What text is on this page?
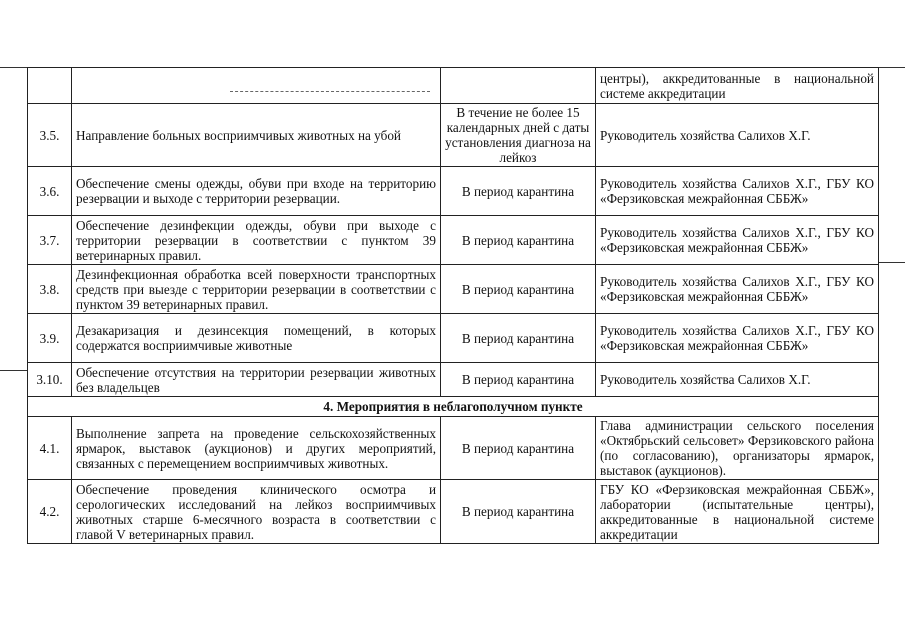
			центры), аккредитованные в национальной системе аккредитации
3.5.	Направление больных восприимчивых животных на убой	В течение не более 15 календарных дней с даты установления диагноза на лейкоз	Руководитель хозяйства Салихов Х.Г.
3.6.	Обеспечение смены одежды, обуви при входе на территорию резервации и выходе с территории резервации.	В период карантина	Руководитель хозяйства Салихов Х.Г., ГБУ КО «Ферзиковская межрайонная СББЖ»
3.7.	Обеспечение дезинфекции одежды, обуви при выходе с территории резервации в соответствии с пунктом 39 ветеринарных правил.	В период карантина	Руководитель хозяйства Салихов Х.Г., ГБУ КО «Ферзиковская межрайонная СББЖ»
3.8.	Дезинфекционная обработка всей поверхности транспортных средств при выезде с территории резервации в соответствии с пунктом 39 ветеринарных правил.	В период карантина	Руководитель хозяйства Салихов Х.Г., ГБУ КО «Ферзиковская межрайонная СББЖ»
3.9.	Дезакаризация и дезинсекция помещений, в которых содержатся восприимчивые животные	В период карантина	Руководитель хозяйства Салихов Х.Г., ГБУ КО «Ферзиковская межрайонная СББЖ»
3.10.	Обеспечение отсутствия на территории резервации животных без владельцев	В период карантина	Руководитель хозяйства Салихов Х.Г.
4. Мероприятия в неблагополучном пункте			
4.1.	Выполнение запрета на проведение сельскохозяйственных ярмарок, выставок (аукционов) и других мероприятий, связанных с перемещением восприимчивых животных.	В период карантина	Глава администрации сельского поселения «Октябрьский сельсовет» Ферзиковского района (по согласованию), организаторы ярмарок, выставок (аукционов).
4.2.	Обеспечение проведения клинического осмотра и серологических исследований на лейкоз восприимчивых животных старше 6-месячного возраста в соответствии с главой V ветеринарных правил.	В период карантина	ГБУ КО «Ферзиковская межрайонная СББЖ», лаборатории (испытательные центры), аккредитованные в национальной системе аккредитации
